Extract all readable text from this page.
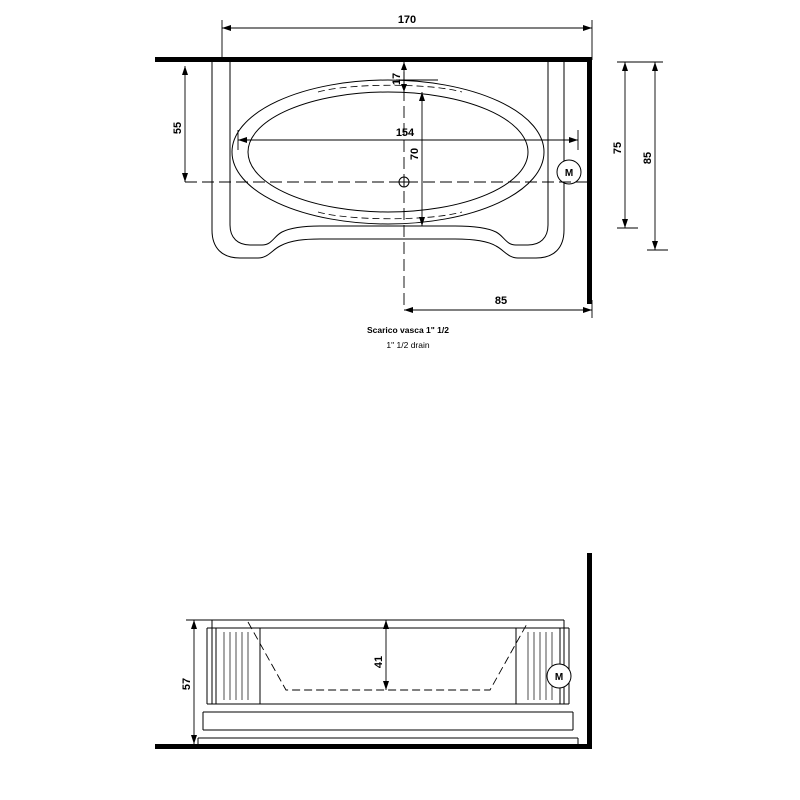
M
170
154
55
17
70	75
85
85
Scarico vasca 1" 1/2
1" 1/2 drain
M
57
41
